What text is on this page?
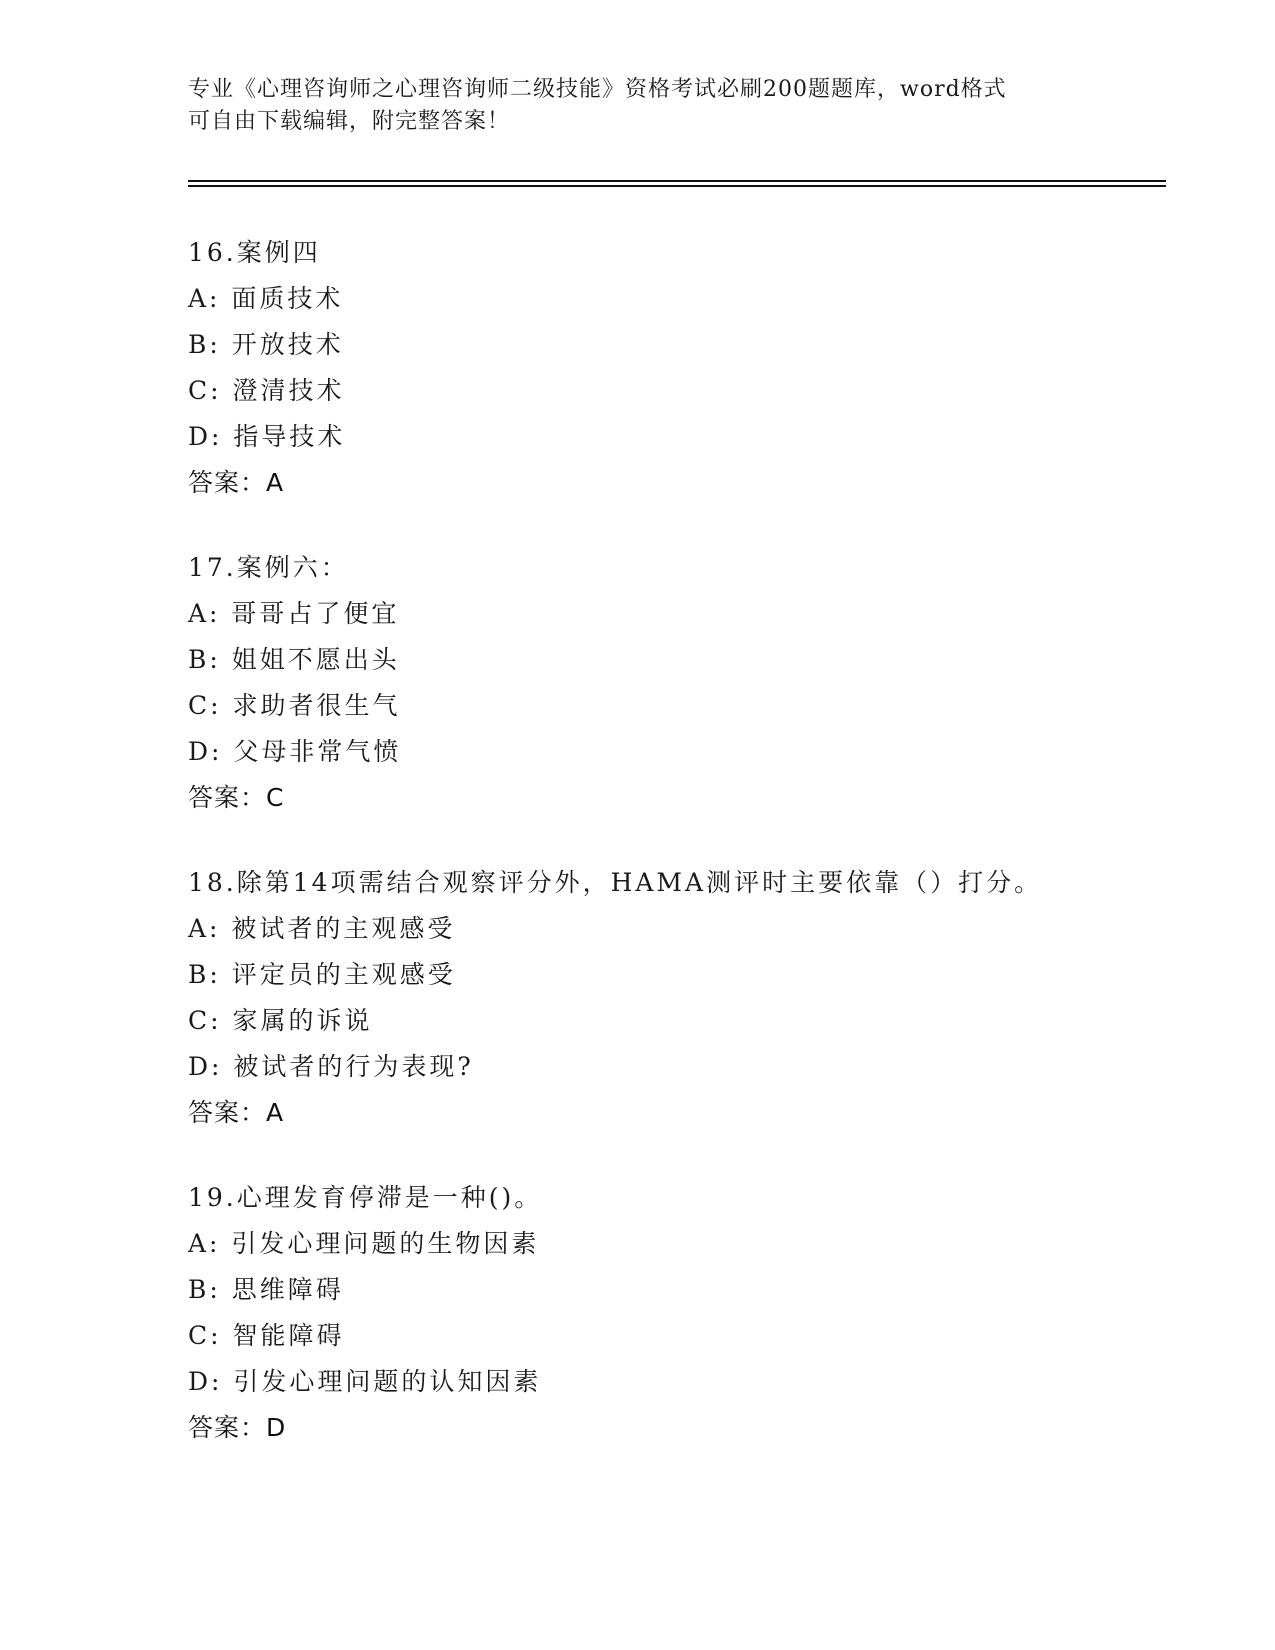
专业《心理咨询师之心理咨询师二级技能》资格考试必刷200题题库，word格式
可自由下载编辑，附完整答案！
16.案例四
A: 面质技术
B: 开放技术
C: 澄清技术
D: 指导技术
答案：A
17.案例六：
A: 哥哥占了便宜
B: 姐姐不愿出头
C: 求助者很生气
D: 父母非常气愤
答案：C
18.除第14项需结合观察评分外，HAMA测评时主要依靠（）打分。
A: 被试者的主观感受
B: 评定员的主观感受
C: 家属的诉说
D: 被试者的行为表现?
答案：A
19.心理发育停滞是一种()。
A: 引发心理问题的生物因素
B: 思维障碍
C: 智能障碍
D: 引发心理问题的认知因素
答案：D
